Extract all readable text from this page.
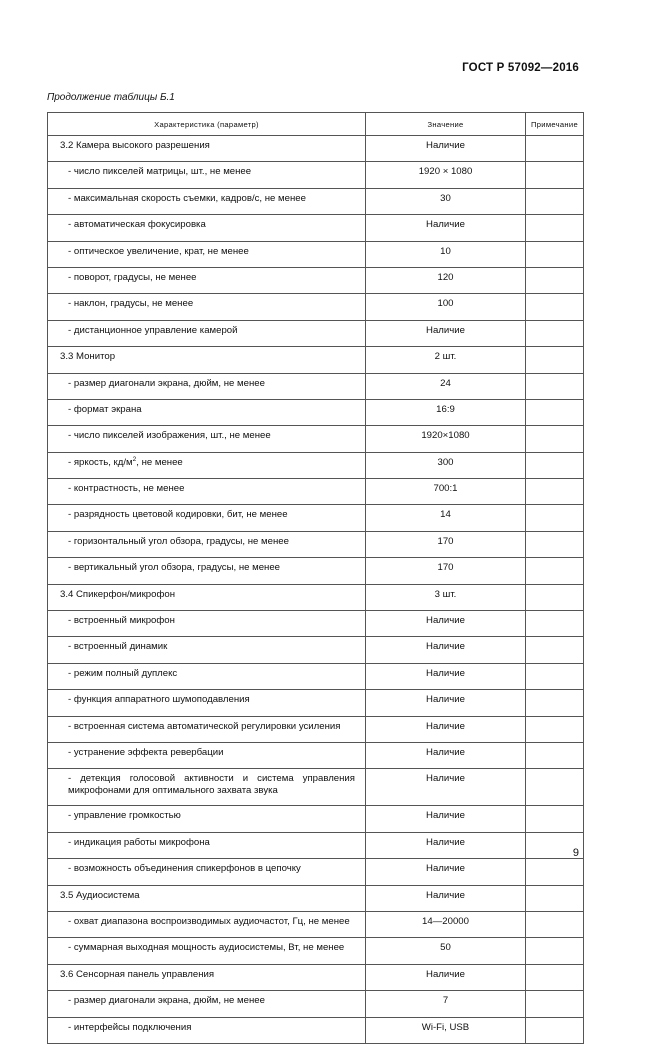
ГОСТ Р 57092—2016
Продолжение таблицы Б.1
Характеристика (параметр)	Значение	Примечание
3.2 Камера высокого разрешения	Наличие	
- число пикселей матрицы, шт., не менее	1920 × 1080	
- максимальная скорость съемки, кадров/с, не менее	30	
- автоматическая фокусировка	Наличие	
- оптическое увеличение, крат, не менее	10	
- поворот, градусы, не менее	120	
- наклон, градусы, не менее	100	
- дистанционное управление камерой	Наличие	
3.3 Монитор	2 шт.	
- размер диагонали экрана, дюйм, не менее	24	
- формат экрана	16:9	
- число пикселей изображения, шт., не менее	1920×1080	
- яркость, $кд/м^2$, не менее	300	
- контрастность, не менее	700:1	
- разрядность цветовой кодировки, бит, не менее	14	
- горизонтальный угол обзора, градусы, не менее	170	
- вертикальный угол обзора, градусы, не менее	170	
3.4 Спикерфон/микрофон	3 шт.	
- встроенный микрофон	Наличие	
- встроенный динамик	Наличие	
- режим полный дуплекс	Наличие	
- функция аппаратного шумоподавления	Наличие	
- встроенная система автоматической регулировки усиления	Наличие	
- устранение эффекта ревербации	Наличие	
- детекция голосовой активности и система управления микрофонами для оптимального захвата звука	Наличие	
- управление громкостью	Наличие	
- индикация работы микрофона	Наличие	
- возможность объединения спикерфонов в цепочку	Наличие	
3.5 Аудиосистема	Наличие	
- охват диапазона воспроизводимых аудиочастот, Гц, не менее	14—20000	
- суммарная выходная мощность аудиосистемы, Вт, не менее	50	
3.6 Сенсорная панель управления	Наличие	
- размер диагонали экрана, дюйм, не менее	7	
- интерфейсы подключения	Wi-Fi, USB	
9
